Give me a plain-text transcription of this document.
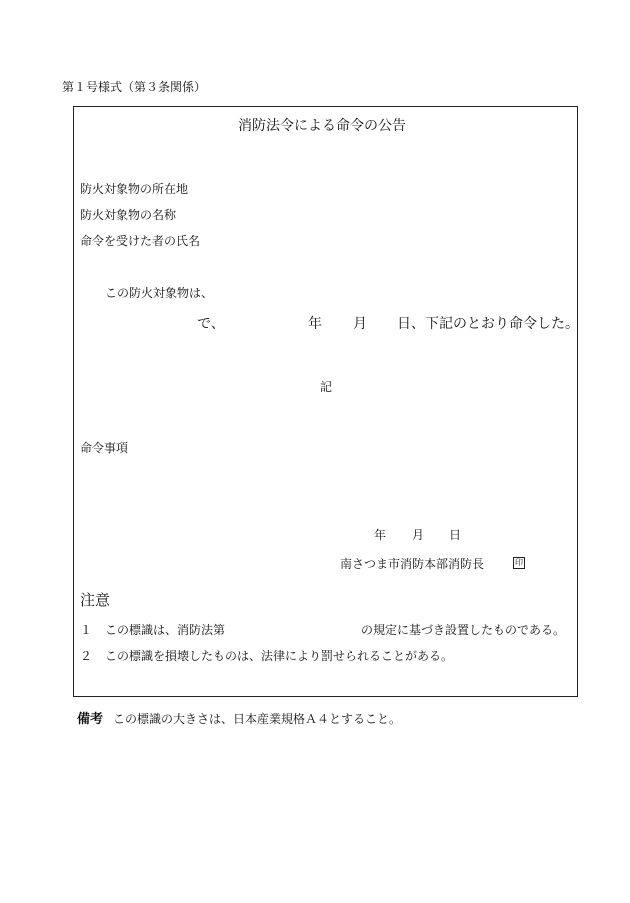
第１号様式（第３条関係）
消防法令による命令の公告
防火対象物の所在地
防火対象物の名称
命令を受けた者の氏名
この防火対象物は、
で、	年 月 日、下記のとおり命令した。
記
命令事項
年 月 日
南さつま市消防本部消防長	印
注意
１ この標識は、消防法第	の規定に基づき設置したものである。
２ この標識を損壊したものは、法律により罰せられることがある。
備考 この標識の大きさは、日本産業規格Ａ４とすること。
